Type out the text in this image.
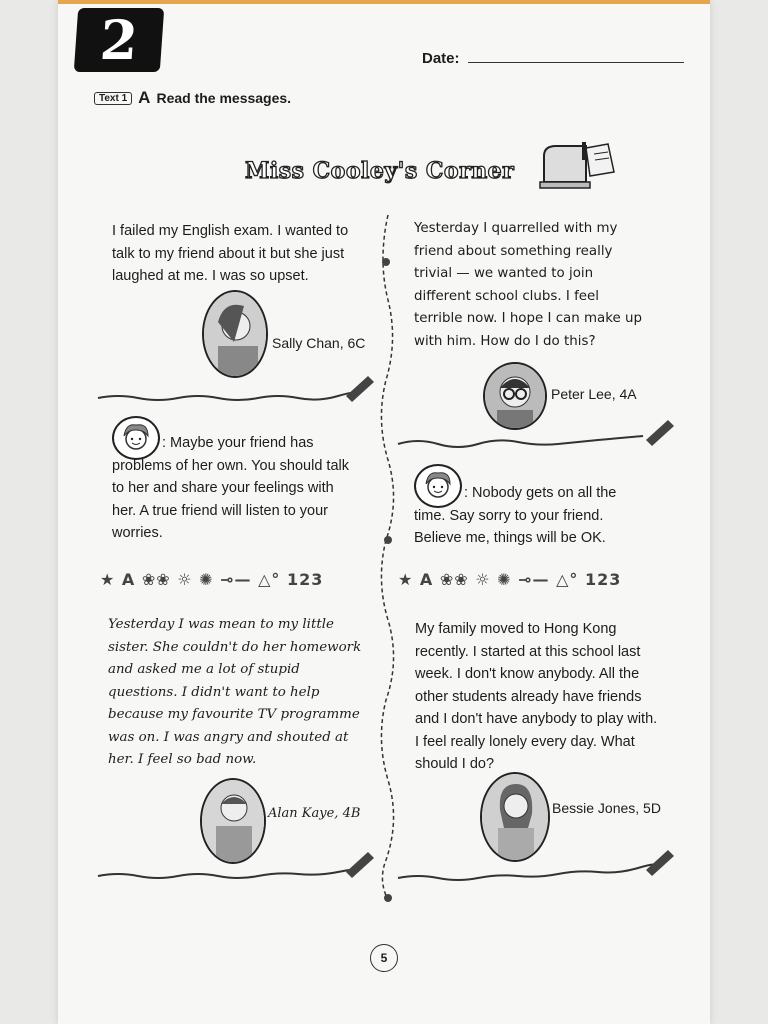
2	Date:
Text 1 A Read the messages.
Miss Cooley's Corner
I failed my English exam. I wanted to
talk to my friend about it but she just
laughed at me. I was so upset.
Sally Chan, 6C
Yesterday I quarrelled with my
friend about something really
trivial — we wanted to join
different school clubs. I feel
terrible now. I hope I can make up
with him. How do I do this?
Peter Lee, 4A
: Maybe your friend has
problems of her own. You should talk
to her and share your feelings with
her. A true friend will listen to your
worries.
: Nobody gets on all the
time. Say sorry to your friend.
Believe me, things will be OK.
★ A ❀❀ ☼ ✺ ⊸— △° 123	★ A ❀❀ ☼ ✺ ⊸— △° 123
Yesterday I was mean to my little
sister. She couldn't do her homework
and asked me a lot of stupid
questions. I didn't want to help
because my favourite TV programme
was on. I was angry and shouted at
her. I feel so bad now.
Alan Kaye, 4B
My family moved to Hong Kong
recently. I started at this school last
week. I don't know anybody. All the
other students already have friends
and I don't have anybody to play with.
I feel really lonely every day. What
should I do?
Bessie Jones, 5D
5
